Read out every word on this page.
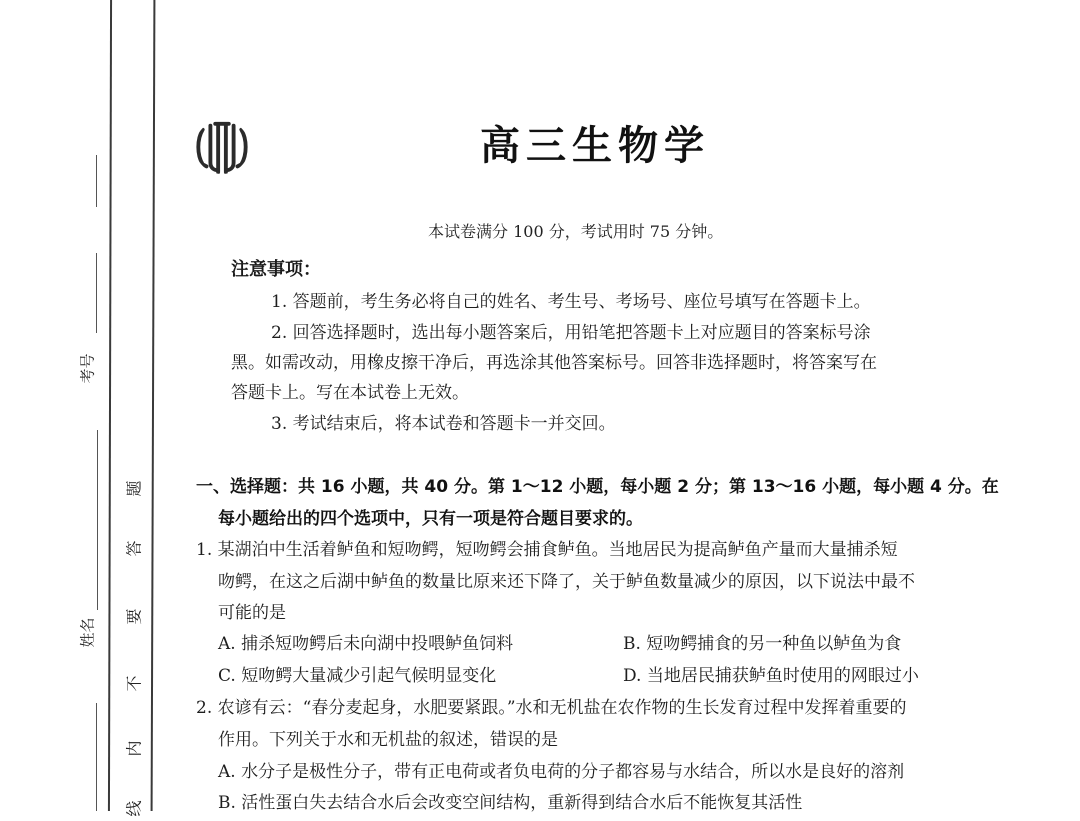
考号
姓名
题
答
要
不
内
线
高三生物学
本试卷满分 100 分，考试用时 75 分钟。
注意事项：
1. 答题前，考生务必将自己的姓名、考生号、考场号、座位号填写在答题卡上。
2. 回答选择题时，选出每小题答案后，用铅笔把答题卡上对应题目的答案标号涂
黑。如需改动，用橡皮擦干净后，再选涂其他答案标号。回答非选择题时，将答案写在
答题卡上。写在本试卷上无效。
3. 考试结束后，将本试卷和答题卡一并交回。
一、选择题：共 16 小题，共 40 分。第 1～12 小题，每小题 2 分；第 13～16 小题，每小题 4 分。在
每小题给出的四个选项中，只有一项是符合题目要求的。
1. 某湖泊中生活着鲈鱼和短吻鳄，短吻鳄会捕食鲈鱼。当地居民为提高鲈鱼产量而大量捕杀短
吻鳄，在这之后湖中鲈鱼的数量比原来还下降了，关于鲈鱼数量减少的原因，以下说法中最不
可能的是
A. 捕杀短吻鳄后未向湖中投喂鲈鱼饲料	B. 短吻鳄捕食的另一种鱼以鲈鱼为食
C. 短吻鳄大量减少引起气候明显变化	D. 当地居民捕获鲈鱼时使用的网眼过小
2. 农谚有云：“春分麦起身，水肥要紧跟。”水和无机盐在农作物的生长发育过程中发挥着重要的
作用。下列关于水和无机盐的叙述，错误的是
A. 水分子是极性分子，带有正电荷或者负电荷的分子都容易与水结合，所以水是良好的溶剂
B. 活性蛋白失去结合水后会改变空间结构，重新得到结合水后不能恢复其活性
